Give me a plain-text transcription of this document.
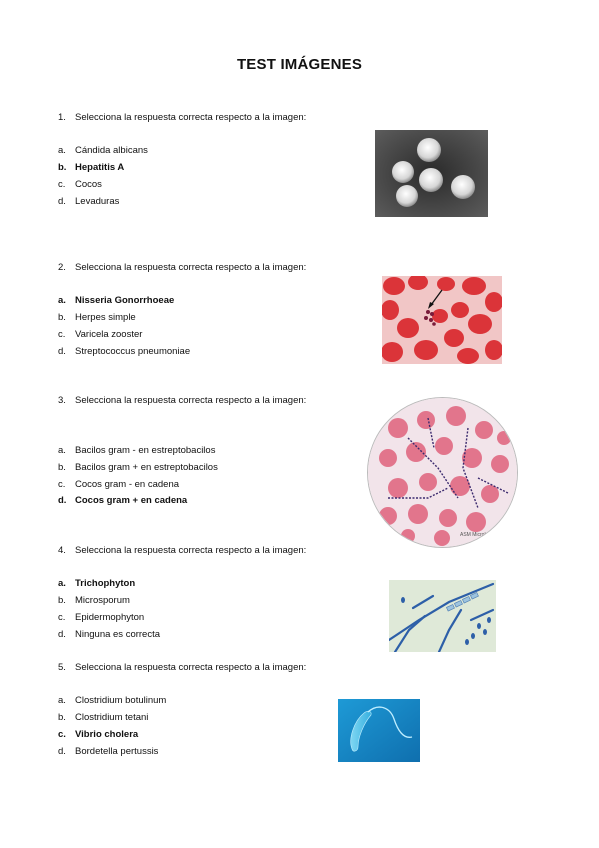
TEST IMÁGENES
1. Selecciona la respuesta correcta respecto a la imagen:
a. Cándida albicans
b. Hepatitis A
c. Cocos
d. Levaduras
2. Selecciona la respuesta correcta respecto a la imagen:
a. Nisseria Gonorrhoeae
b. Herpes simple
c. Varicela zooster
d. Streptococcus pneumoniae
3. Selecciona la respuesta correcta respecto a la imagen:
a. Bacilos gram - en estreptobacilos
b. Bacilos gram + en estreptobacilos
c. Cocos gram - en cadena
d. Cocos gram + en cadena
ASM MicrobeLib
4. Selecciona la respuesta correcta respecto a la imagen:
a. Trichophyton
b. Microsporum
c. Epidermophyton
d. Ninguna es correcta
5. Selecciona la respuesta correcta respecto a la imagen:
a. Clostridium botulinum
b. Clostridium tetani
c. Vibrio cholera
d. Bordetella pertussis
